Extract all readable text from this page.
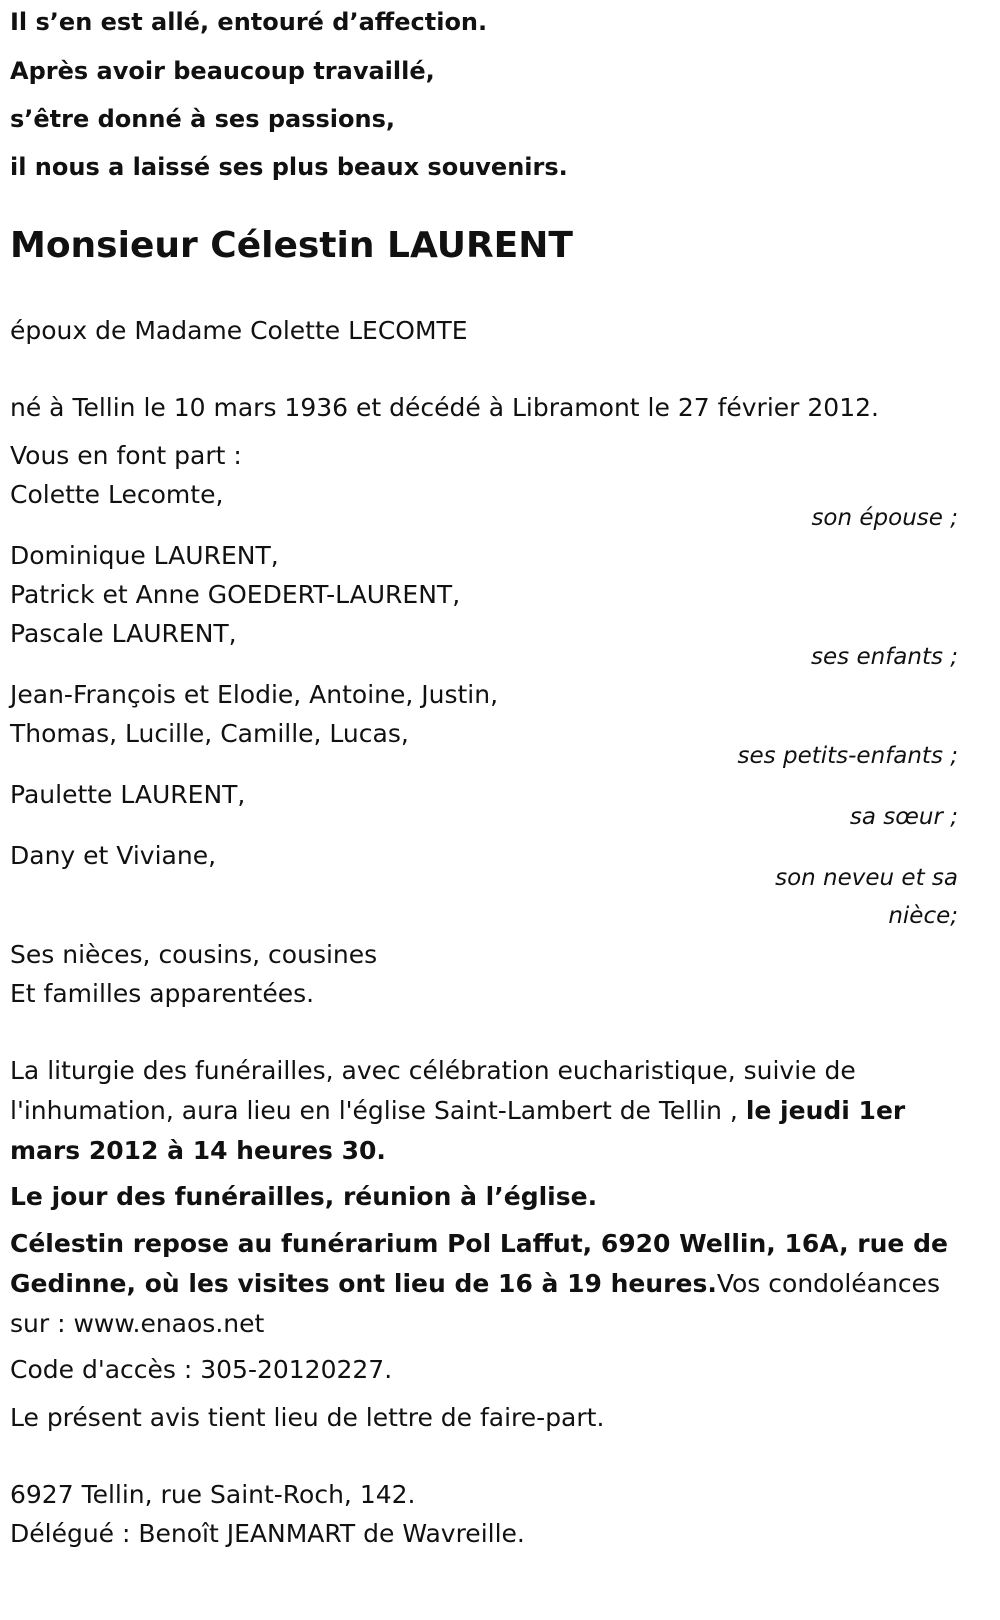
Il s’en est allé, entouré d’affection.
Après avoir beaucoup travaillé,
s’être donné à ses passions,
il nous a laissé ses plus beaux souvenirs.
Monsieur Célestin LAURENT
époux de Madame Colette LECOMTE
né à Tellin le 10 mars 1936 et décédé à Libramont le 27 février 2012.
Vous en font part :
Colette Lecomte,
son épouse ;
Dominique LAURENT,
Patrick et Anne GOEDERT-LAURENT,
Pascale LAURENT,
ses enfants ;
Jean-François et Elodie, Antoine, Justin,
Thomas, Lucille, Camille, Lucas,
ses petits-enfants ;
Paulette LAURENT,
sa sœur ;
Dany et Viviane,
son neveu et sa
nièce;
Ses nièces, cousins, cousines
Et familles apparentées.
La liturgie des funérailles, avec célébration eucharistique, suivie de l'inhumation, aura lieu en l'église Saint-Lambert de Tellin , le jeudi 1er mars 2012 à 14 heures 30.
Le jour des funérailles, réunion à l’église.
Célestin repose au funérarium Pol Laffut, 6920 Wellin, 16A, rue de Gedinne, où les visites ont lieu de 16 à 19 heures.Vos condoléances sur : www.enaos.net
Code d'accès : 305-20120227.
Le présent avis tient lieu de lettre de faire-part.
6927 Tellin, rue Saint-Roch, 142.
Délégué : Benoît JEANMART de Wavreille.
